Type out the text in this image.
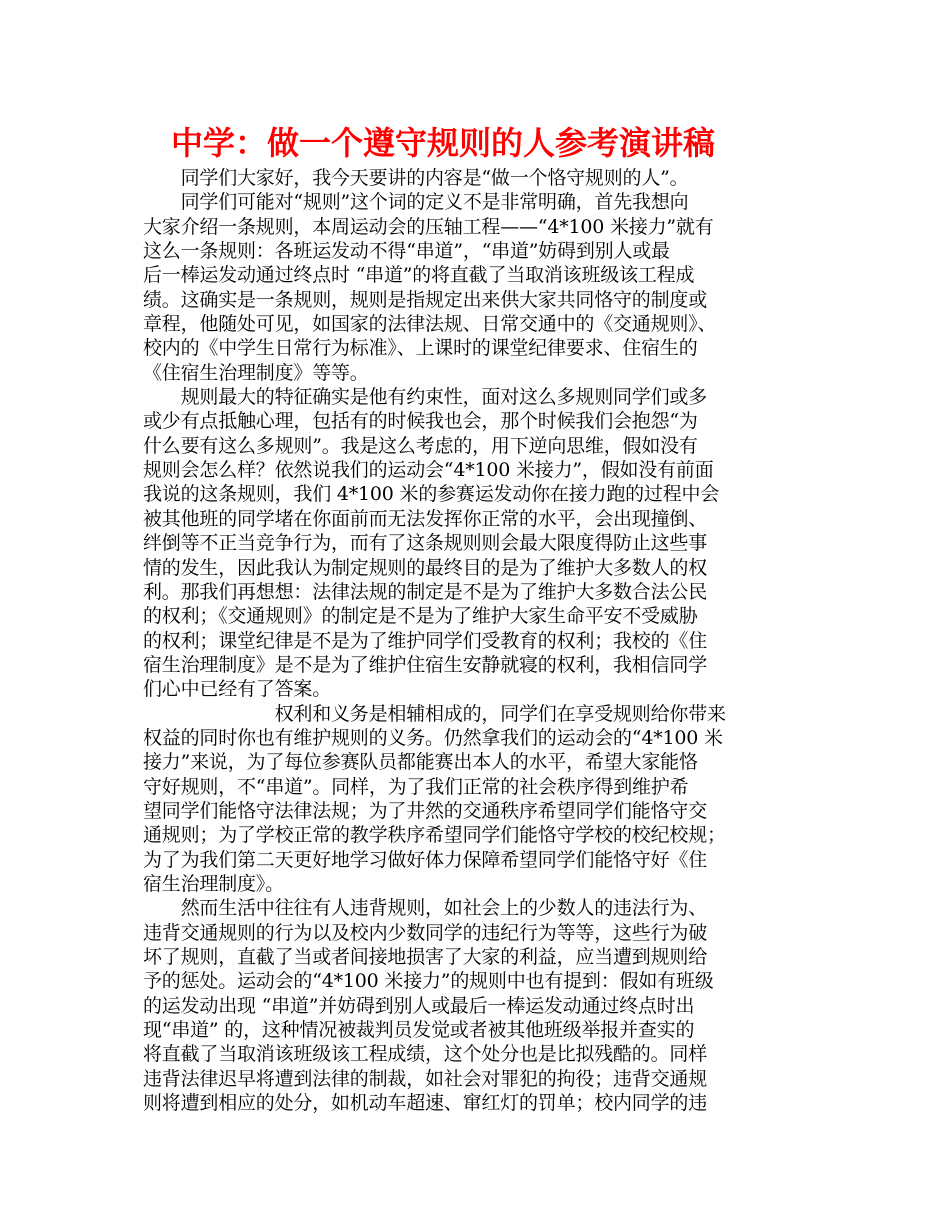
中学：做一个遵守规则的人参考演讲稿
　　同学们大家好，我今天要讲的内容是“做一个恪守规则的人”。
　　同学们可能对“规则”这个词的定义不是非常明确，首先我想向
大家介绍一条规则，本周运动会的压轴工程——“4*100 米接力”就有
这么一条规则：各班运发动不得“串道”，“串道”妨碍到别人或最
后一棒运发动通过终点时 “串道”的将直截了当取消该班级该工程成
绩。这确实是一条规则，规则是指规定出来供大家共同恪守的制度或
章程，他随处可见，如国家的法律法规、日常交通中的《交通规则》、
校内的《中学生日常行为标准》、上课时的课堂纪律要求、住宿生的
《住宿生治理制度》等等。
　　规则最大的特征确实是他有约束性，面对这么多规则同学们或多
或少有点抵触心理，包括有的时候我也会，那个时候我们会抱怨“为
什么要有这么多规则”。我是这么考虑的，用下逆向思维，假如没有
规则会怎么样？依然说我们的运动会“4*100 米接力”，假如没有前面
我说的这条规则，我们 4*100 米的参赛运发动你在接力跑的过程中会
被其他班的同学堵在你面前而无法发挥你正常的水平，会出现撞倒、
绊倒等不正当竞争行为，而有了这条规则则会最大限度得防止这些事
情的发生，因此我认为制定规则的最终目的是为了维护大多数人的权
利。那我们再想想：法律法规的制定是不是为了维护大多数合法公民
的权利；《交通规则》的制定是不是为了维护大家生命平安不受威胁
的权利；课堂纪律是不是为了维护同学们受教育的权利；我校的《住
宿生治理制度》是不是为了维护住宿生安静就寝的权利，我相信同学
们心中已经有了答案。
　　　　　　　权利和义务是相辅相成的，同学们在享受规则给你带来
权益的同时你也有维护规则的义务。仍然拿我们的运动会的“4*100 米
接力”来说，为了每位参赛队员都能赛出本人的水平，希望大家能恪
守好规则，不“串道”。同样，为了我们正常的社会秩序得到维护希
望同学们能恪守法律法规；为了井然的交通秩序希望同学们能恪守交
通规则；为了学校正常的教学秩序希望同学们能恪守学校的校纪校规；
为了为我们第二天更好地学习做好体力保障希望同学们能恪守好《住
宿生治理制度》。
　　然而生活中往往有人违背规则，如社会上的少数人的违法行为、
违背交通规则的行为以及校内少数同学的违纪行为等等，这些行为破
坏了规则，直截了当或者间接地损害了大家的利益，应当遭到规则给
予的惩处。运动会的“4*100 米接力”的规则中也有提到：假如有班级
的运发动出现 “串道”并妨碍到别人或最后一棒运发动通过终点时出
现“串道” 的，这种情况被裁判员发觉或者被其他班级举报并查实的
将直截了当取消该班级该工程成绩，这个处分也是比拟残酷的。同样
违背法律迟早将遭到法律的制裁，如社会对罪犯的拘役；违背交通规
则将遭到相应的处分，如机动车超速、窜红灯的罚单；校内同学的违
